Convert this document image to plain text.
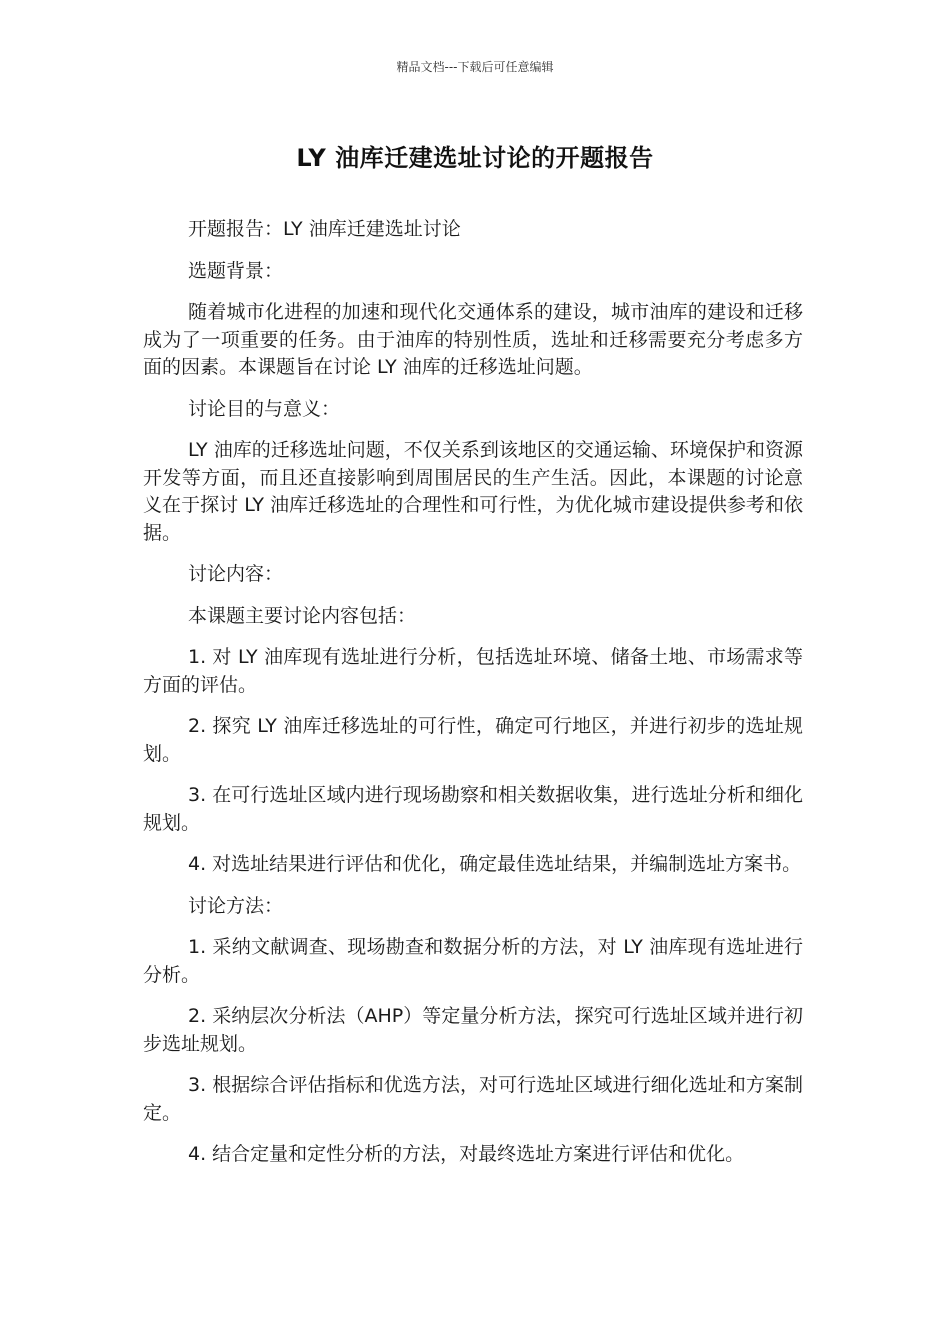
精品文档---下载后可任意编辑
LY 油库迁建选址讨论的开题报告

开题报告：LY 油库迁建选址讨论

选题背景：

随着城市化进程的加速和现代化交通体系的建设，城市油库的建设和迁移成为了一项重要的任务。由于油库的特别性质，选址和迁移需要充分考虑多方面的因素。本课题旨在讨论 LY 油库的迁移选址问题。

讨论目的与意义：

LY 油库的迁移选址问题，不仅关系到该地区的交通运输、环境保护和资源开发等方面，而且还直接影响到周围居民的生产生活。因此，本课题的讨论意义在于探讨 LY 油库迁移选址的合理性和可行性，为优化城市建设提供参考和依据。

讨论内容：

本课题主要讨论内容包括：

1. 对 LY 油库现有选址进行分析，包括选址环境、储备土地、市场需求等方面的评估。

2. 探究 LY 油库迁移选址的可行性，确定可行地区，并进行初步的选址规划。

3. 在可行选址区域内进行现场勘察和相关数据收集，进行选址分析和细化规划。

4. 对选址结果进行评估和优化，确定最佳选址结果，并编制选址方案书。

讨论方法：

1. 采纳文献调查、现场勘查和数据分析的方法，对 LY 油库现有选址进行分析。

2. 采纳层次分析法（AHP）等定量分析方法，探究可行选址区域并进行初步选址规划。

3. 根据综合评估指标和优选方法，对可行选址区域进行细化选址和方案制定。

4. 结合定量和定性分析的方法，对最终选址方案进行评估和优化。
